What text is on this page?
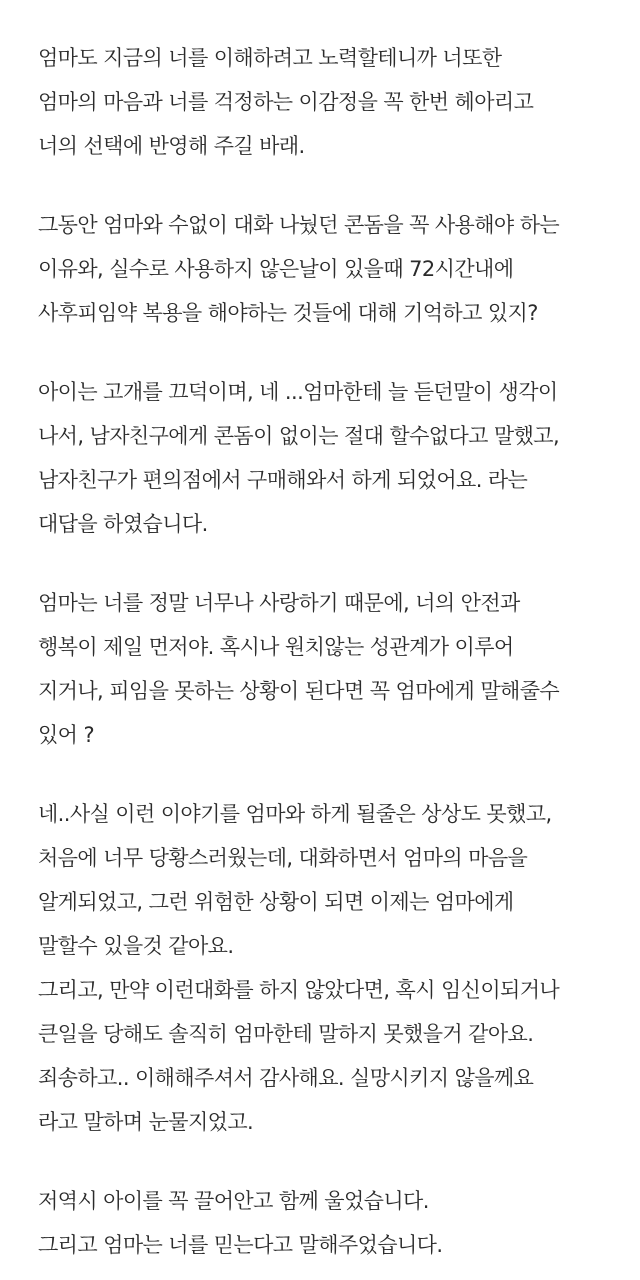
엄마도 지금의 너를 이해하려고 노력할테니까 너또한
엄마의 마음과 너를 걱정하는 이감정을 꼭 한번 헤아리고
너의 선택에 반영해 주길 바래.
그동안 엄마와 수없이 대화 나눴던 콘돔을 꼭 사용해야 하는
이유와, 실수로 사용하지 않은날이 있을때 72시간내에
사후피임약 복용을 해야하는 것들에 대해 기억하고 있지?
아이는 고개를 끄덕이며, 네 ...엄마한테 늘 듣던말이 생각이
나서, 남자친구에게 콘돔이 없이는 절대 할수없다고 말했고,
남자친구가 편의점에서 구매해와서 하게 되었어요. 라는
대답을 하였습니다.
엄마는 너를 정말 너무나 사랑하기 때문에, 너의 안전과
행복이 제일 먼저야. 혹시나 원치않는 성관계가 이루어
지거나, 피임을 못하는 상황이 된다면 꼭 엄마에게 말해줄수
있어 ?
네..사실 이런 이야기를 엄마와 하게 될줄은 상상도 못했고,
처음에 너무 당황스러웠는데, 대화하면서 엄마의 마음을
알게되었고, 그런 위험한 상황이 되면 이제는 엄마에게
말할수 있을것 같아요.
그리고, 만약 이런대화를 하지 않았다면, 혹시 임신이되거나
큰일을 당해도 솔직히 엄마한테 말하지 못했을거 같아요.
죄송하고.. 이해해주셔서 감사해요. 실망시키지 않을께요
라고 말하며 눈물지었고.
저역시 아이를 꼭 끌어안고 함께 울었습니다.
그리고 엄마는 너를 믿는다고 말해주었습니다.
